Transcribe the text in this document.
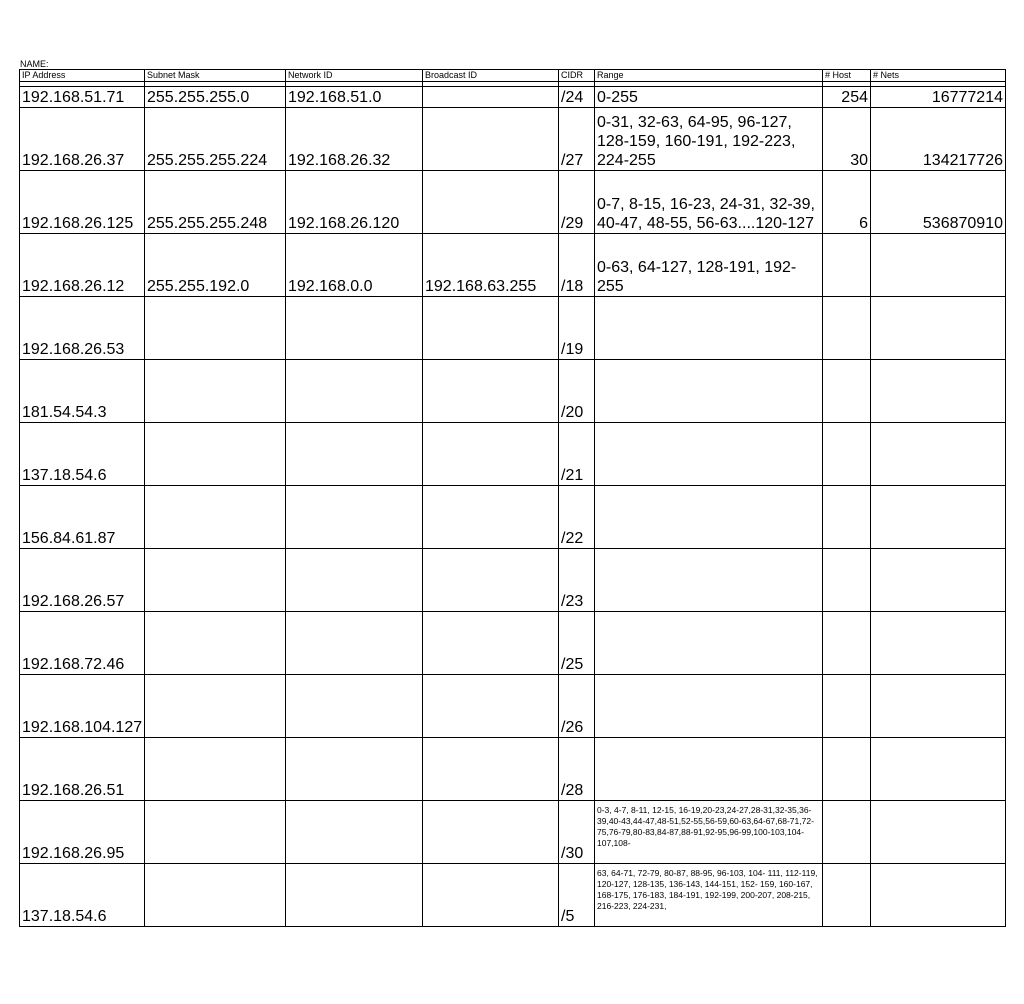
NAME:
IP Address	Subnet Mask	Network ID	Broadcast ID	CIDR	Range	# Host	# Nets

192.168.51.71	255.255.255.0	192.168.51.0		/24	0-255	254	16777214
192.168.26.37	255.255.255.224	192.168.26.32		/27	0-31, 32-63, 64-95, 96-127, 128-159, 160-191, 192-223, 224-255	30	134217726
192.168.26.125	255.255.255.248	192.168.26.120		/29	0-7, 8-15, 16-23, 24-31, 32-39, 40-47, 48-55, 56-63....120-127	6	536870910
192.168.26.12	255.255.192.0	192.168.0.0	192.168.63.255	/18	0-63, 64-127, 128-191, 192-255		
192.168.26.53				/19			
181.54.54.3				/20			
137.18.54.6				/21			
156.84.61.87				/22			
192.168.26.57				/23			
192.168.72.46				/25			
192.168.104.127				/26			
192.168.26.51				/28			
192.168.26.95				/30	0-3, 4-7, 8-11, 12-15, 16-19,20-23,24-27,28-31,32-35,36-39,40-43,44-47,48-51,52-55,56-59,60-63,64-67,68-71,72-75,76-79,80-83,84-87,88-91,92-95,96-99,100-103,104-107,108-		

137.18.54.6				/5	63, 64-71, 72-79, 80-87, 88-95, 96-103, 104- 111, 112-119, 120-127, 128-135, 136-143, 144-151, 152- 159, 160-167, 168-175, 176-183, 184-191, 192-199, 200-207, 208-215, 216-223, 224-231,		
